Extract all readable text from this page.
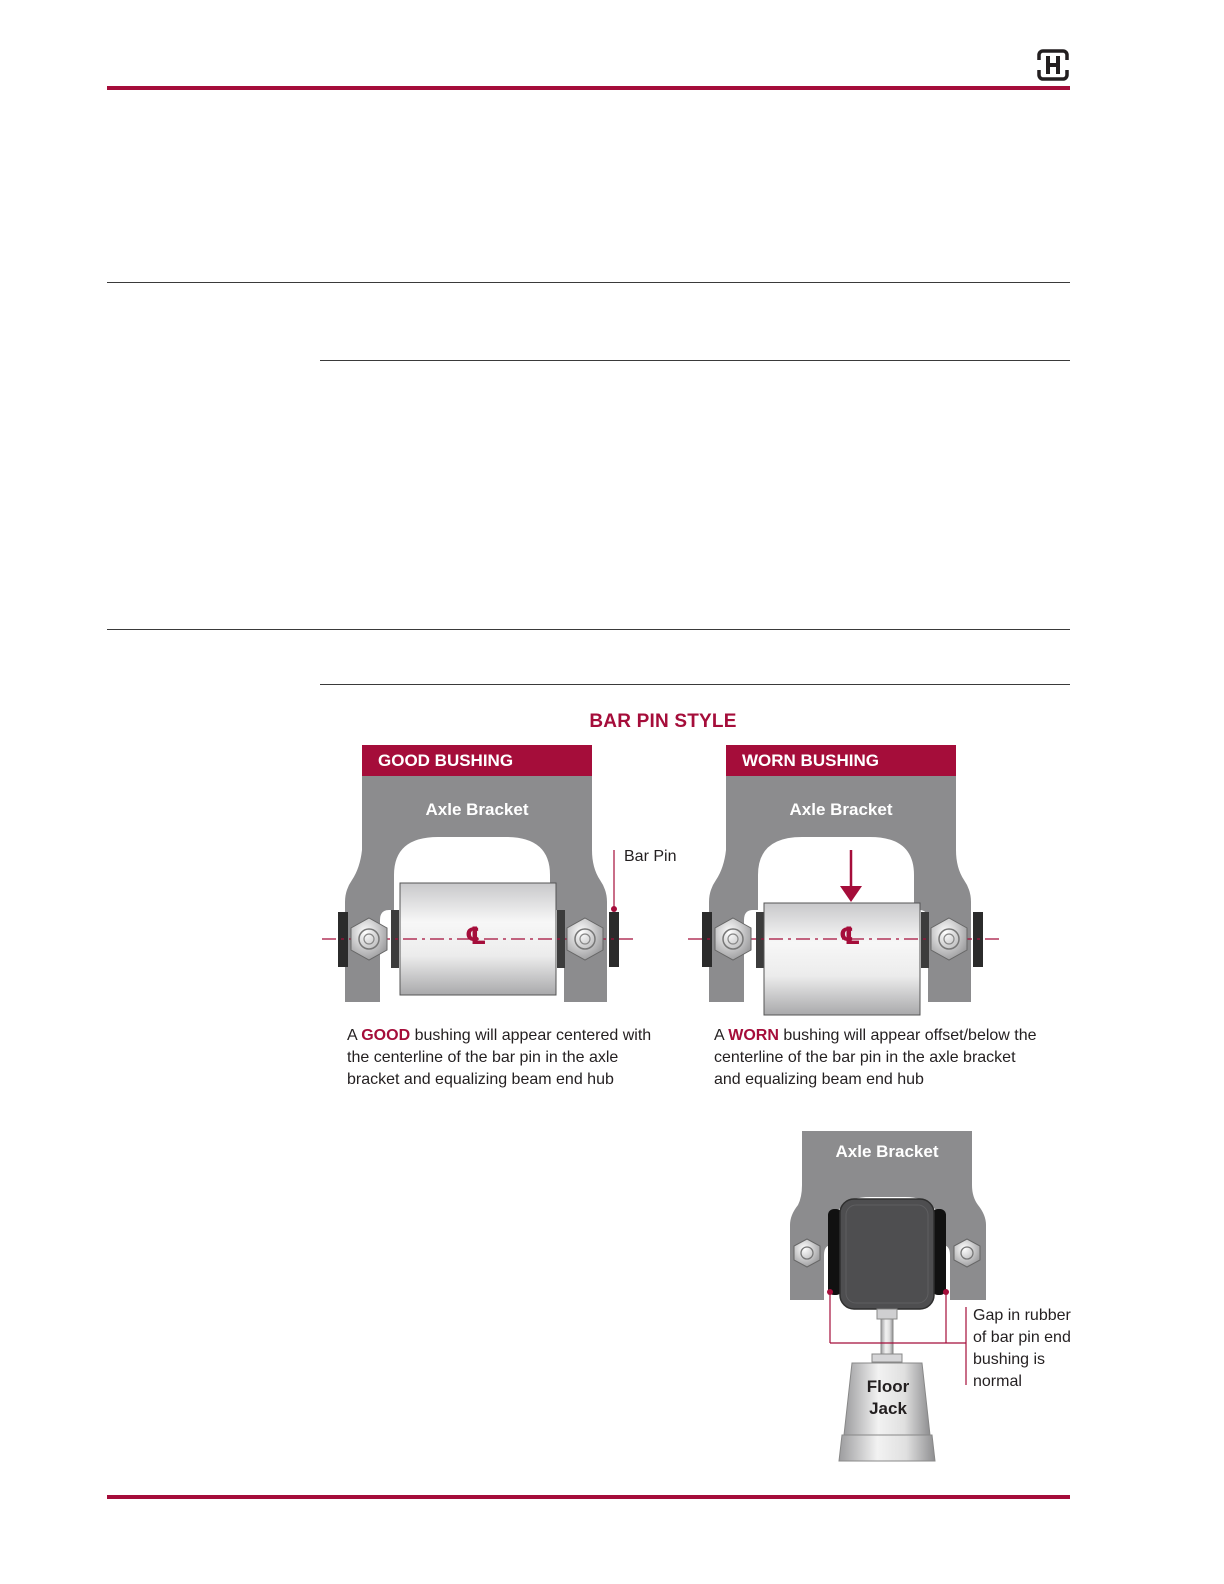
BAR PIN STYLE
GOOD BUSHING
Axle Bracket
Bar Pin
℄
A GOOD bushing will appear centered with
the centerline of the bar pin in the axle
bracket and equalizing beam end hub
WORN BUSHING
Axle Bracket
℄
A WORN bushing will appear offset/below the
centerline of the bar pin in the axle bracket
and equalizing beam end hub
Axle Bracket
Floor
Jack
Gap in rubber
of bar pin end
bushing is
normal
